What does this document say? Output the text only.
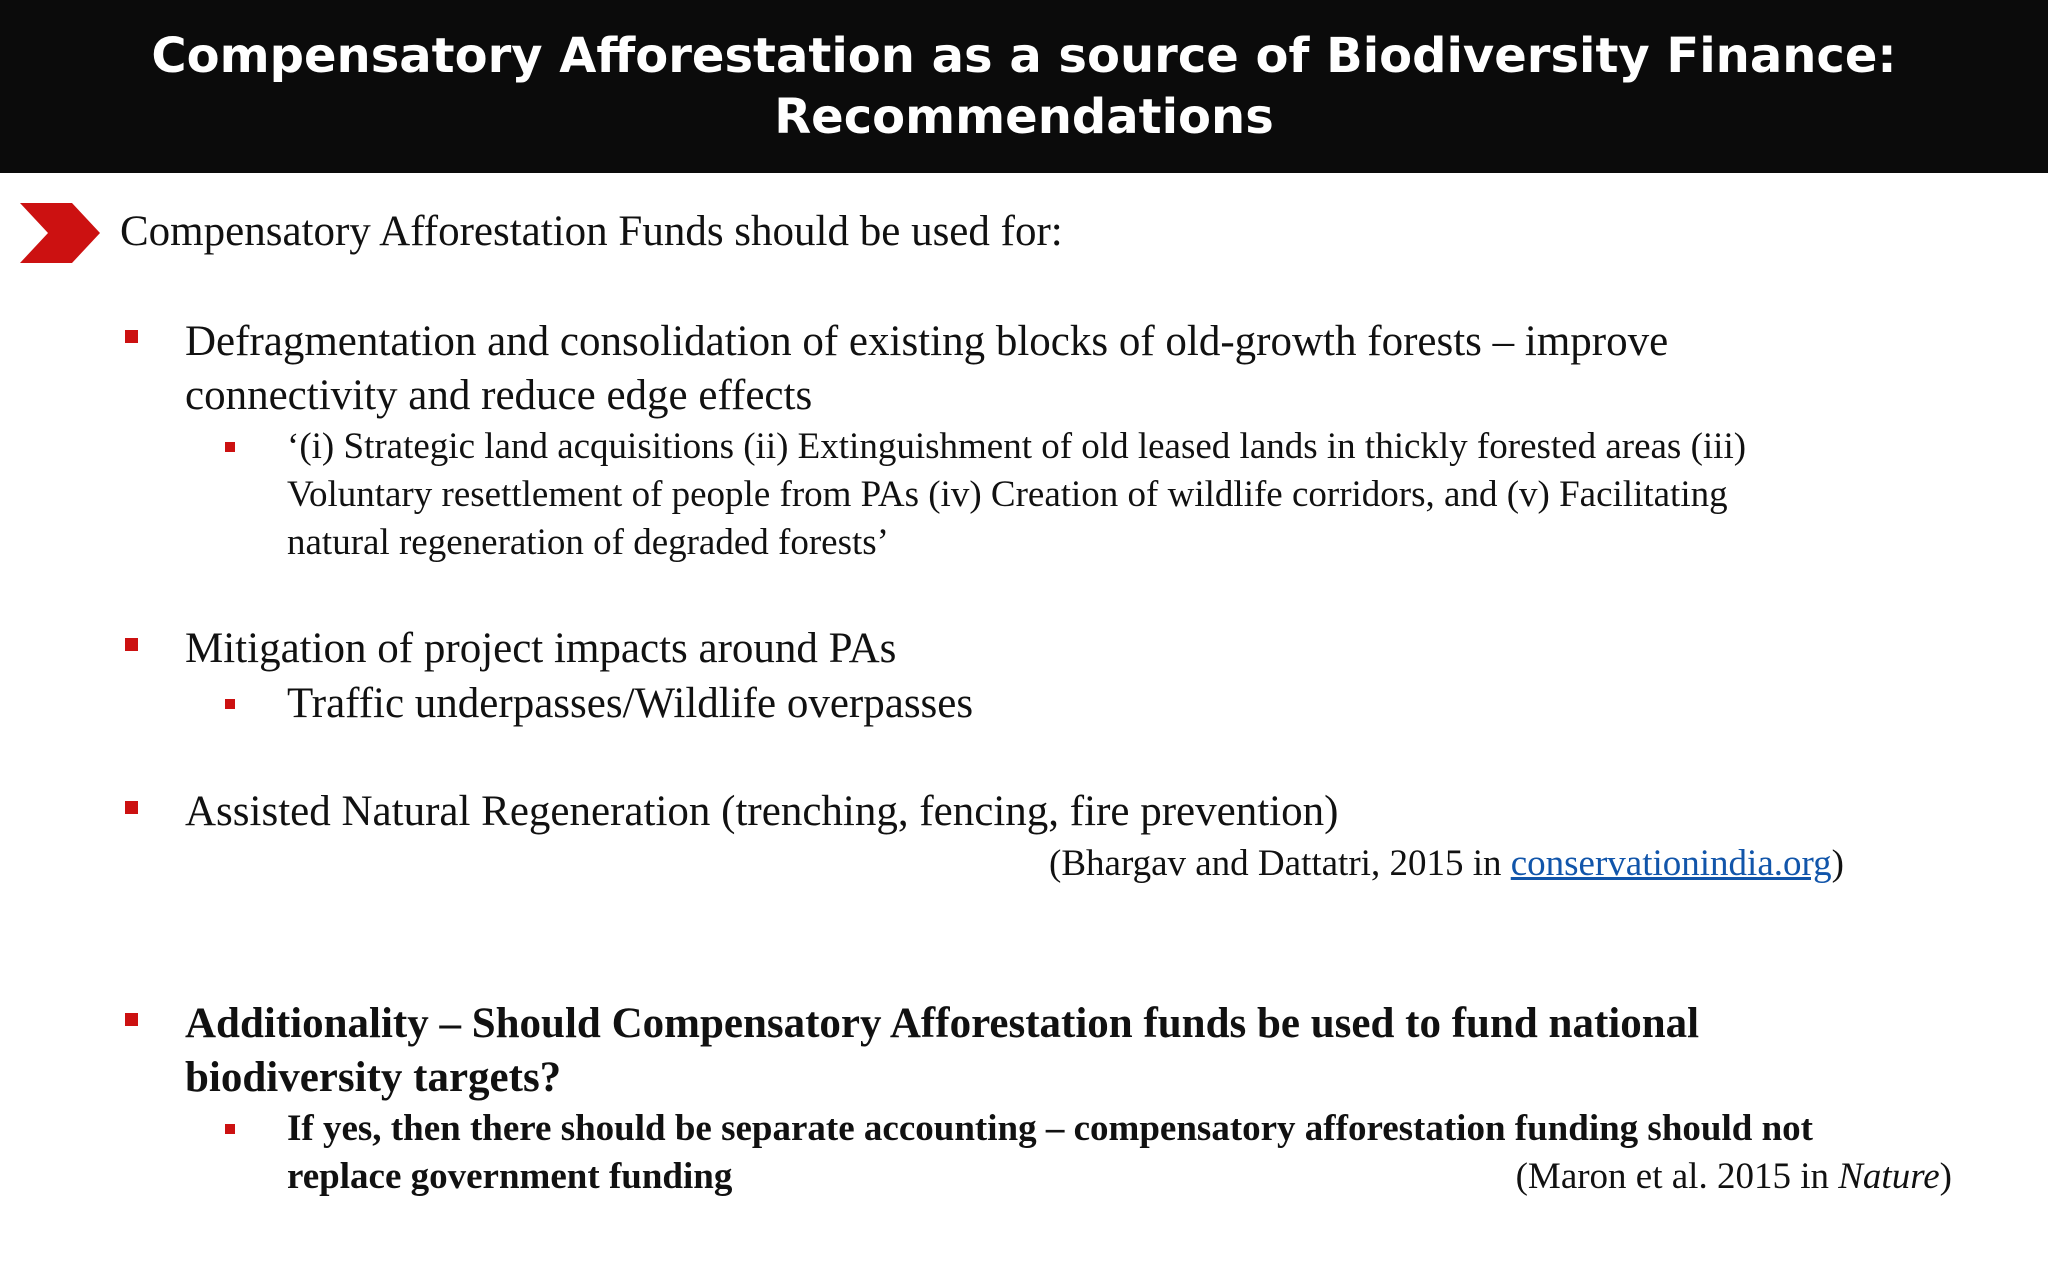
Compensatory Afforestation as a source of Biodiversity Finance:
Recommendations
Compensatory Afforestation Funds should be used for:
Defragmentation and consolidation of existing blocks of old-growth forests – improve
connectivity and reduce edge effects
‘(i) Strategic land acquisitions (ii) Extinguishment of old leased lands in thickly forested areas (iii)
Voluntary resettlement of people from PAs (iv) Creation of wildlife corridors, and (v) Facilitating
natural regeneration of degraded forests’
Mitigation of project impacts around PAs
Traffic underpasses/Wildlife overpasses
Assisted Natural Regeneration (trenching, fencing, fire prevention)
(Bhargav and Dattatri, 2015 in conservationindia.org)
Additionality – Should Compensatory Afforestation funds be used to fund national
biodiversity targets?
If yes, then there should be separate accounting – compensatory afforestation funding should not
replace government funding	(Maron et al. 2015 in Nature)
